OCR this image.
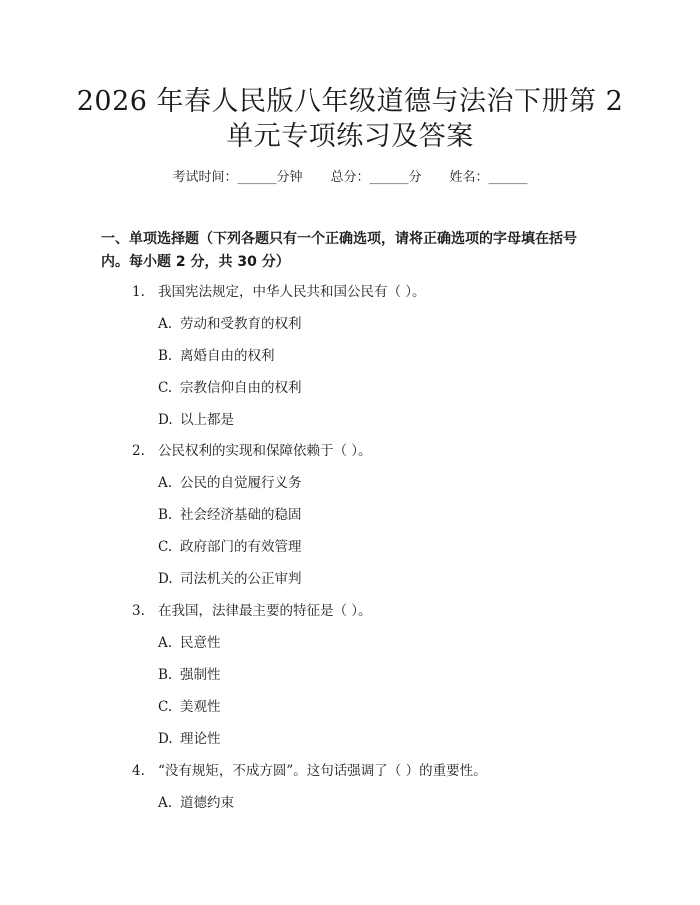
2026 年春人民版八年级道德与法治下册第 2
单元专项练习及答案
考试时间：______分钟 总分：______分 姓名：______
一、单项选择题（下列各题只有一个正确选项，请将正确选项的字母填在括号
内。每小题 2 分，共 30 分）
1. 我国宪法规定，中华人民共和国公民有（ ）。
A. 劳动和受教育的权利
B. 离婚自由的权利
C. 宗教信仰自由的权利
D. 以上都是
2. 公民权利的实现和保障依赖于（ ）。
A. 公民的自觉履行义务
B. 社会经济基础的稳固
C. 政府部门的有效管理
D. 司法机关的公正审判
3. 在我国，法律最主要的特征是（ ）。
A. 民意性
B. 强制性
C. 美观性
D. 理论性
4. “没有规矩，不成方圆”。这句话强调了（ ）的重要性。
A. 道德约束
